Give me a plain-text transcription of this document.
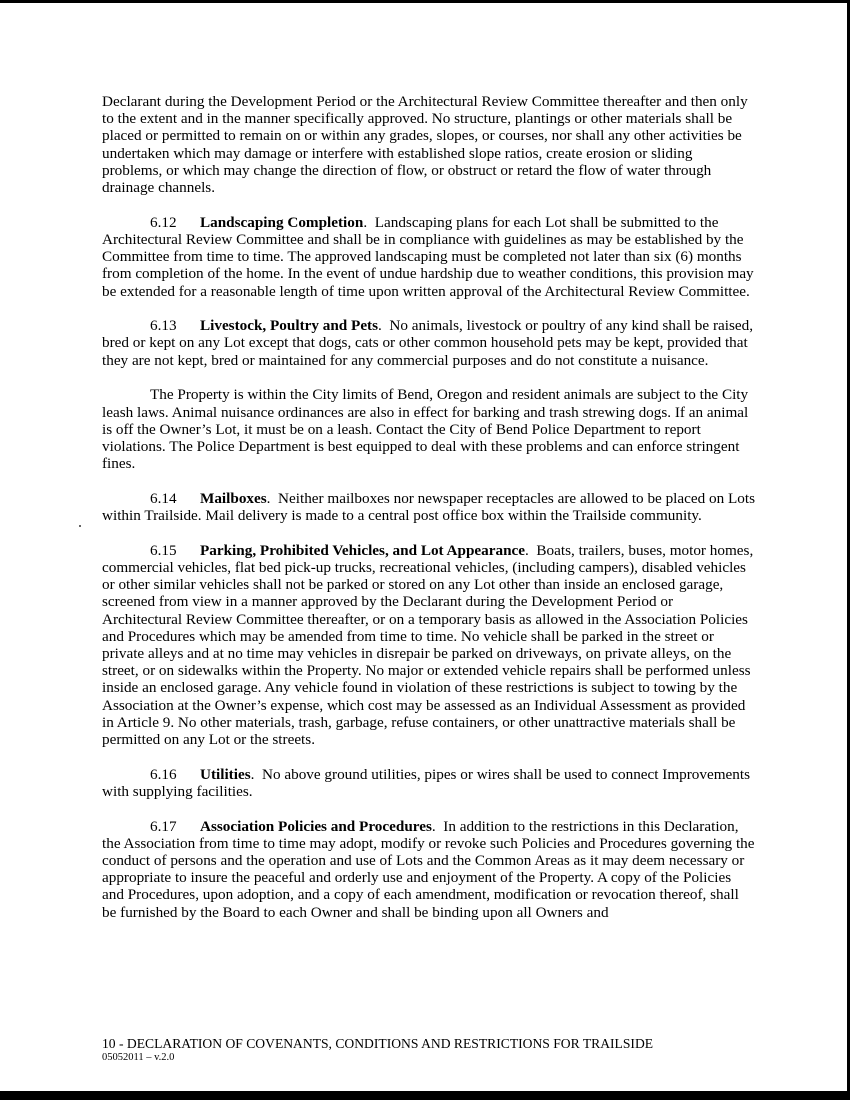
Declarant during the Development Period or the Architectural Review Committee thereafter and then only to the extent and in the manner specifically approved. No structure, plantings or other materials shall be placed or permitted to remain on or within any grades, slopes, or courses, nor shall any other activities be undertaken which may damage or interfere with established slope ratios, create erosion or sliding problems, or which may change the direction of flow, or obstruct or retard the flow of water through drainage channels.

6.12 Landscaping Completion.  Landscaping plans for each Lot shall be submitted to the Architectural Review Committee and shall be in compliance with guidelines as may be established by the Committee from time to time. The approved landscaping must be completed not later than six (6) months from completion of the home. In the event of undue hardship due to weather conditions, this provision may be extended for a reasonable length of time upon written approval of the Architectural Review Committee.

6.13 Livestock, Poultry and Pets.  No animals, livestock or poultry of any kind shall be raised, bred or kept on any Lot except that dogs, cats or other common household pets may be kept, provided that they are not kept, bred or maintained for any commercial purposes and do not constitute a nuisance.

The Property is within the City limits of Bend, Oregon and resident animals are subject to the City leash laws. Animal nuisance ordinances are also in effect for barking and trash strewing dogs. If an animal is off the Owner’s Lot, it must be on a leash. Contact the City of Bend Police Department to report violations. The Police Department is best equipped to deal with these problems and can enforce stringent fines.

6.14 Mailboxes.  Neither mailboxes nor newspaper receptacles are allowed to be placed on Lots within Trailside. Mail delivery is made to a central post office box within the Trailside community.

6.15 Parking, Prohibited Vehicles, and Lot Appearance.  Boats, trailers, buses, motor homes, commercial vehicles, flat bed pick-up trucks, recreational vehicles, (including campers), disabled vehicles or other similar vehicles shall not be parked or stored on any Lot other than inside an enclosed garage, screened from view in a manner approved by the Declarant during the Development Period or Architectural Review Committee thereafter, or on a temporary basis as allowed in the Association Policies and Procedures which may be amended from time to time. No vehicle shall be parked in the street or private alleys and at no time may vehicles in disrepair be parked on driveways, on private alleys, on the street, or on sidewalks within the Property. No major or extended vehicle repairs shall be performed unless inside an enclosed garage. Any vehicle found in violation of these restrictions is subject to towing by the Association at the Owner’s expense, which cost may be assessed as an Individual Assessment as provided in Article 9. No other materials, trash, garbage, refuse containers, or other unattractive materials shall be permitted on any Lot or the streets.

6.16 Utilities.  No above ground utilities, pipes or wires shall be used to connect Improvements with supplying facilities.

6.17 Association Policies and Procedures.  In addition to the restrictions in this Declaration, the Association from time to time may adopt, modify or revoke such Policies and Procedures governing the conduct of persons and the operation and use of Lots and the Common Areas as it may deem necessary or appropriate to insure the peaceful and orderly use and enjoyment of the Property. A copy of the Policies and Procedures, upon adoption, and a copy of each amendment, modification or revocation thereof, shall be furnished by the Board to each Owner and shall be binding upon all Owners and

10 - DECLARATION OF COVENANTS, CONDITIONS AND RESTRICTIONS FOR TRAILSIDE
05052011 – v.2.0
